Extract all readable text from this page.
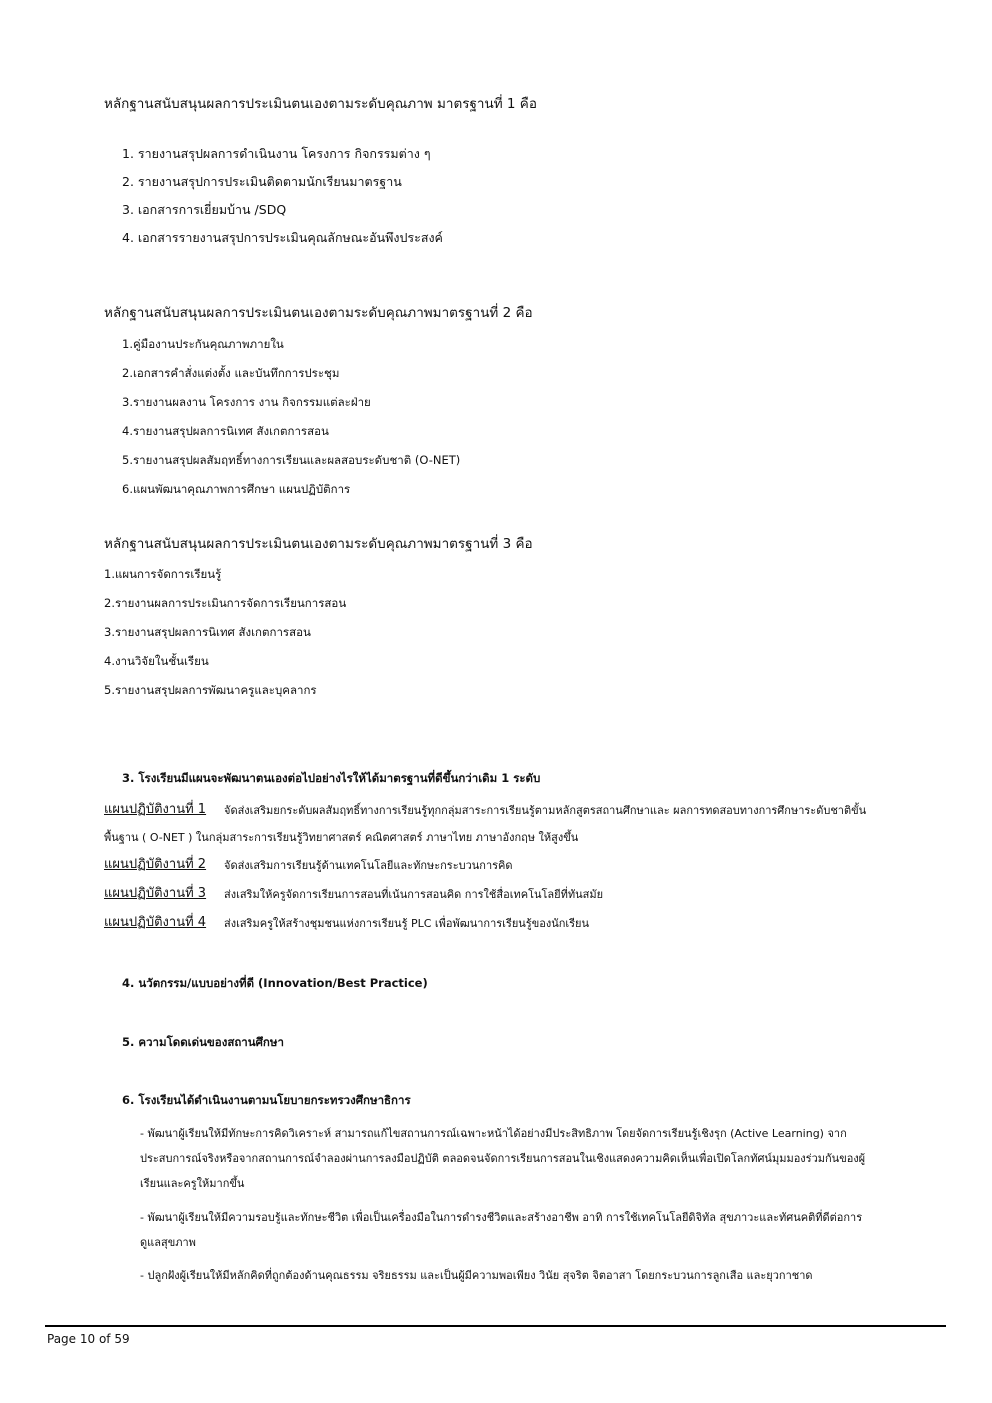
หลักฐานสนับสนุนผลการประเมินตนเองตามระดับคุณภาพ มาตรฐานที่ 1 คือ
1. รายงานสรุปผลการดำเนินงาน โครงการ กิจกรรมต่าง ๆ
2. รายงานสรุปการประเมินติดตามนักเรียนมาตรฐาน
3. เอกสารการเยี่ยมบ้าน /SDQ
4. เอกสารรายงานสรุปการประเมินคุณลักษณะอันพึงประสงค์
หลักฐานสนับสนุนผลการประเมินตนเองตามระดับคุณภาพมาตรฐานที่ 2 คือ
1.คู่มืองานประกันคุณภาพภายใน
2.เอกสารคำสั่งแต่งตั้ง และบันทึกการประชุม
3.รายงานผลงาน โครงการ งาน กิจกรรมแต่ละฝ่าย
4.รายงานสรุปผลการนิเทศ สังเกตการสอน
5.รายงานสรุปผลสัมฤทธิ์ทางการเรียนและผลสอบระดับชาติ (O-NET)
6.แผนพัฒนาคุณภาพการศึกษา แผนปฏิบัติการ
หลักฐานสนับสนุนผลการประเมินตนเองตามระดับคุณภาพมาตรฐานที่ 3 คือ
1.แผนการจัดการเรียนรู้
2.รายงานผลการประเมินการจัดการเรียนการสอน
3.รายงานสรุปผลการนิเทศ สังเกตการสอน
4.งานวิจัยในชั้นเรียน
5.รายงานสรุปผลการพัฒนาครูและบุคลากร
3. โรงเรียนมีแผนจะพัฒนาตนเองต่อไปอย่างไรให้ได้มาตรฐานที่ดีขึ้นกว่าเดิม 1 ระดับ
แผนปฏิบัติงานที่ 1 จัดส่งเสริมยกระดับผลสัมฤทธิ์ทางการเรียนรู้ทุกกลุ่มสาระการเรียนรู้ตามหลักสูตรสถานศึกษาและ ผลการทดสอบทางการศึกษาระดับชาติขั้น
พื้นฐาน ( O-NET ) ในกลุ่มสาระการเรียนรู้วิทยาศาสตร์ คณิตศาสตร์ ภาษาไทย ภาษาอังกฤษ ให้สูงขึ้น
แผนปฏิบัติงานที่ 2 จัดส่งเสริมการเรียนรู้ด้านเทคโนโลยีและทักษะกระบวนการคิด
แผนปฏิบัติงานที่ 3 ส่งเสริมให้ครูจัดการเรียนการสอนที่เน้นการสอนคิด การใช้สื่อเทคโนโลยีที่ทันสมัย
แผนปฏิบัติงานที่ 4 ส่งเสริมครูให้สร้างชุมชนแห่งการเรียนรู้ PLC เพื่อพัฒนาการเรียนรู้ของนักเรียน
4. นวัตกรรม/แบบอย่างที่ดี (Innovation/Best Practice)
5. ความโดดเด่นของสถานศึกษา
6. โรงเรียนได้ดำเนินงานตามนโยบายกระทรวงศึกษาธิการ
- พัฒนาผู้เรียนให้มีทักษะการคิดวิเคราะห์ สามารถแก้ไขสถานการณ์เฉพาะหน้าได้อย่างมีประสิทธิภาพ โดยจัดการเรียนรู้เชิงรุก (Active Learning) จาก
ประสบการณ์จริงหรือจากสถานการณ์จำลองผ่านการลงมือปฏิบัติ ตลอดจนจัดการเรียนการสอนในเชิงแสดงความคิดเห็นเพื่อเปิดโลกทัศน์มุมมองร่วมกันของผู้
เรียนและครูให้มากขึ้น
- พัฒนาผู้เรียนให้มีความรอบรู้และทักษะชีวิต เพื่อเป็นเครื่องมือในการดำรงชีวิตและสร้างอาชีพ อาทิ การใช้เทคโนโลยีดิจิทัล สุขภาวะและทัศนคติที่ดีต่อการ
ดูแลสุขภาพ
- ปลูกฝังผู้เรียนให้มีหลักคิดที่ถูกต้องด้านคุณธรรม จริยธรรม และเป็นผู้มีความพอเพียง วินัย สุจริต จิตอาสา โดยกระบวนการลูกเสือ และยุวกาชาด
Page 10 of 59
